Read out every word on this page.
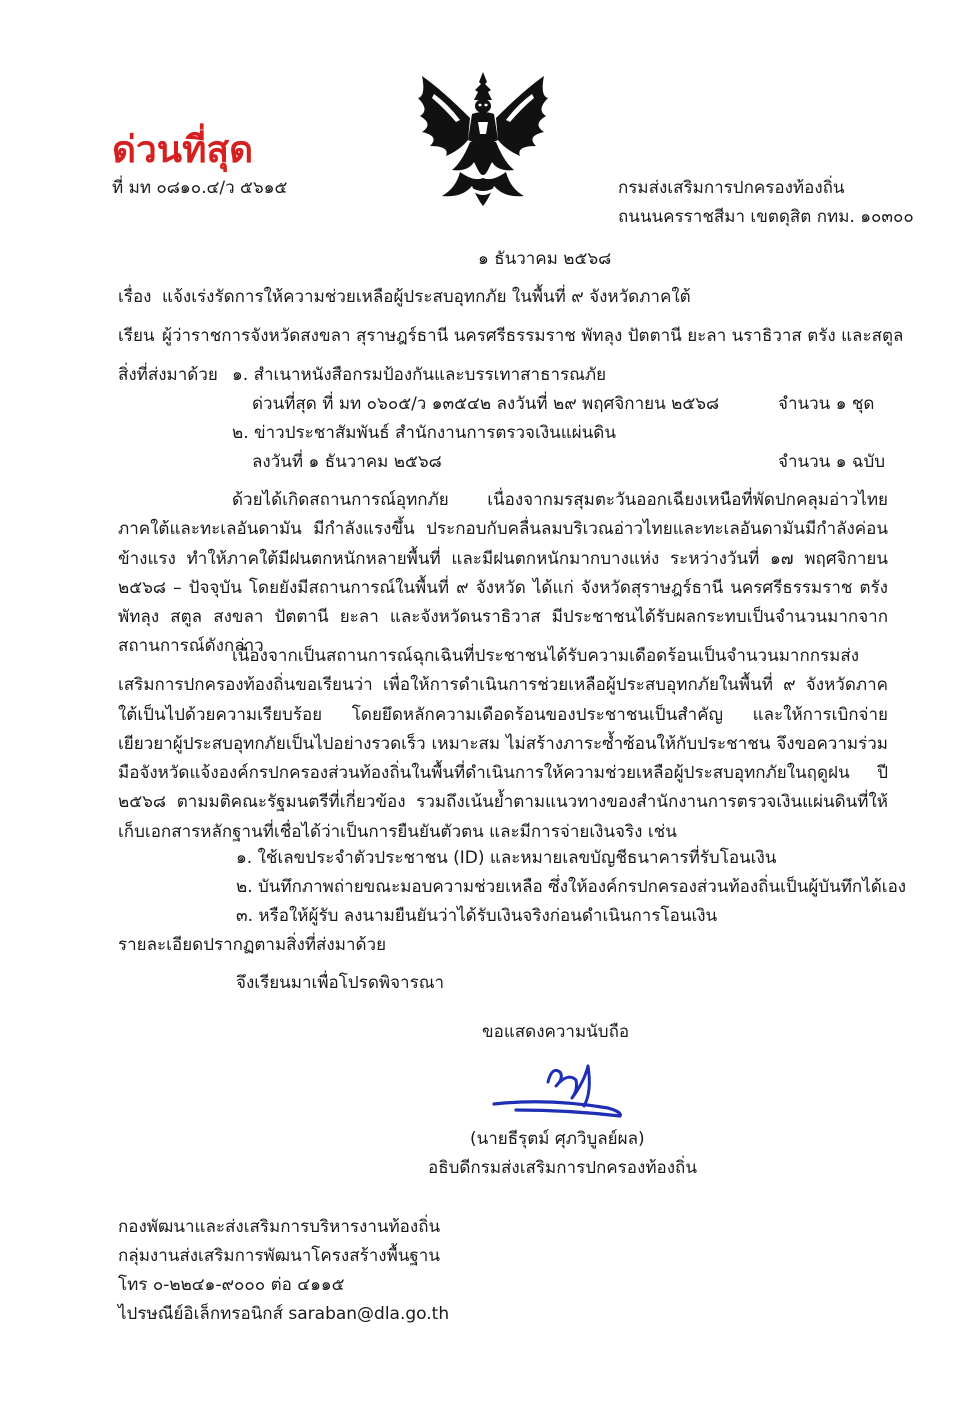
ด่วนที่สุด
ที่ มท ๐๘๑๐.๔/ว ๕๖๑๕	กรมส่งเสริมการปกครองท้องถิ่น
ถนนนครราชสีมา เขตดุสิต กทม. ๑๐๓๐๐
๑ ธันวาคม ๒๕๖๘
เรื่อง แจ้งเร่งรัดการให้ความช่วยเหลือผู้ประสบอุทกภัย ในพื้นที่ ๙ จังหวัดภาคใต้
เรียน ผู้ว่าราชการจังหวัดสงขลา สุราษฎร์ธานี นครศรีธรรมราช พัทลุง ปัตตานี ยะลา นราธิวาส ตรัง และสตูล
สิ่งที่ส่งมาด้วย ๑. สำเนาหนังสือกรมป้องกันและบรรเทาสาธารณภัย
ด่วนที่สุด ที่ มท ๐๖๐๕/ว ๑๓๕๔๒ ลงวันที่ ๒๙ พฤศจิกายน ๒๕๖๘	จำนวน ๑ ชุด
๒. ข่าวประชาสัมพันธ์ สำนักงานการตรวจเงินแผ่นดิน
ลงวันที่ ๑ ธันวาคม ๒๕๖๘	จำนวน ๑ ฉบับ
ด้วยได้เกิดสถานการณ์อุทกภัย เนื่องจากมรสุมตะวันออกเฉียงเหนือที่พัดปกคลุมอ่าวไทย ภาคใต้และทะเลอันดามัน มีกำลังแรงขึ้น ประกอบกับคลื่นลมบริเวณอ่าวไทยและทะเลอันดามันมีกำลังค่อนข้างแรง ทำให้ภาคใต้มีฝนตกหนักหลายพื้นที่ และมีฝนตกหนักมากบางแห่ง ระหว่างวันที่ ๑๗ พฤศจิกายน ๒๕๖๘ – ปัจจุบัน โดยยังมีสถานการณ์ในพื้นที่ ๙ จังหวัด ได้แก่ จังหวัดสุราษฎร์ธานี นครศรีธรรมราช ตรัง พัทลุง สตูล สงขลา ปัตตานี ยะลา และจังหวัดนราธิวาส มีประชาชนได้รับผลกระทบเป็นจำนวนมากจากสถานการณ์ดังกล่าว
เนื่องจากเป็นสถานการณ์ฉุกเฉินที่ประชาชนได้รับความเดือดร้อนเป็นจำนวนมากกรมส่งเสริมการปกครองท้องถิ่นขอเรียนว่า เพื่อให้การดำเนินการช่วยเหลือผู้ประสบอุทกภัยในพื้นที่ ๙ จังหวัดภาคใต้เป็นไปด้วยความเรียบร้อย โดยยึดหลักความเดือดร้อนของประชาชนเป็นสำคัญ และให้การเบิกจ่ายเยียวยาผู้ประสบอุทกภัยเป็นไปอย่างรวดเร็ว เหมาะสม ไม่สร้างภาระซ้ำซ้อนให้กับประชาชน จึงขอความร่วมมือจังหวัดแจ้งองค์กรปกครองส่วนท้องถิ่นในพื้นที่ดำเนินการให้ความช่วยเหลือผู้ประสบอุทกภัยในฤดูฝน ปี ๒๕๖๘ ตามมติคณะรัฐมนตรีที่เกี่ยวข้อง รวมถึงเน้นย้ำตามแนวทางของสำนักงานการตรวจเงินแผ่นดินที่ให้เก็บเอกสารหลักฐานที่เชื่อได้ว่าเป็นการยืนยันตัวตน และมีการจ่ายเงินจริง เช่น
๑. ใช้เลขประจำตัวประชาชน (ID) และหมายเลขบัญชีธนาคารที่รับโอนเงิน
๒. บันทึกภาพถ่ายขณะมอบความช่วยเหลือ ซึ่งให้องค์กรปกครองส่วนท้องถิ่นเป็นผู้บันทึกได้เอง
๓. หรือให้ผู้รับ ลงนามยืนยันว่าได้รับเงินจริงก่อนดำเนินการโอนเงิน
รายละเอียดปรากฏตามสิ่งที่ส่งมาด้วย
จึงเรียนมาเพื่อโปรดพิจารณา
ขอแสดงความนับถือ
(นายธีรุตม์ ศุภวิบูลย์ผล)
อธิบดีกรมส่งเสริมการปกครองท้องถิ่น
กองพัฒนาและส่งเสริมการบริหารงานท้องถิ่น
กลุ่มงานส่งเสริมการพัฒนาโครงสร้างพื้นฐาน
โทร ๐-๒๒๔๑-๙๐๐๐ ต่อ ๔๑๑๕
ไปรษณีย์อิเล็กทรอนิกส์ saraban@dla.go.th
